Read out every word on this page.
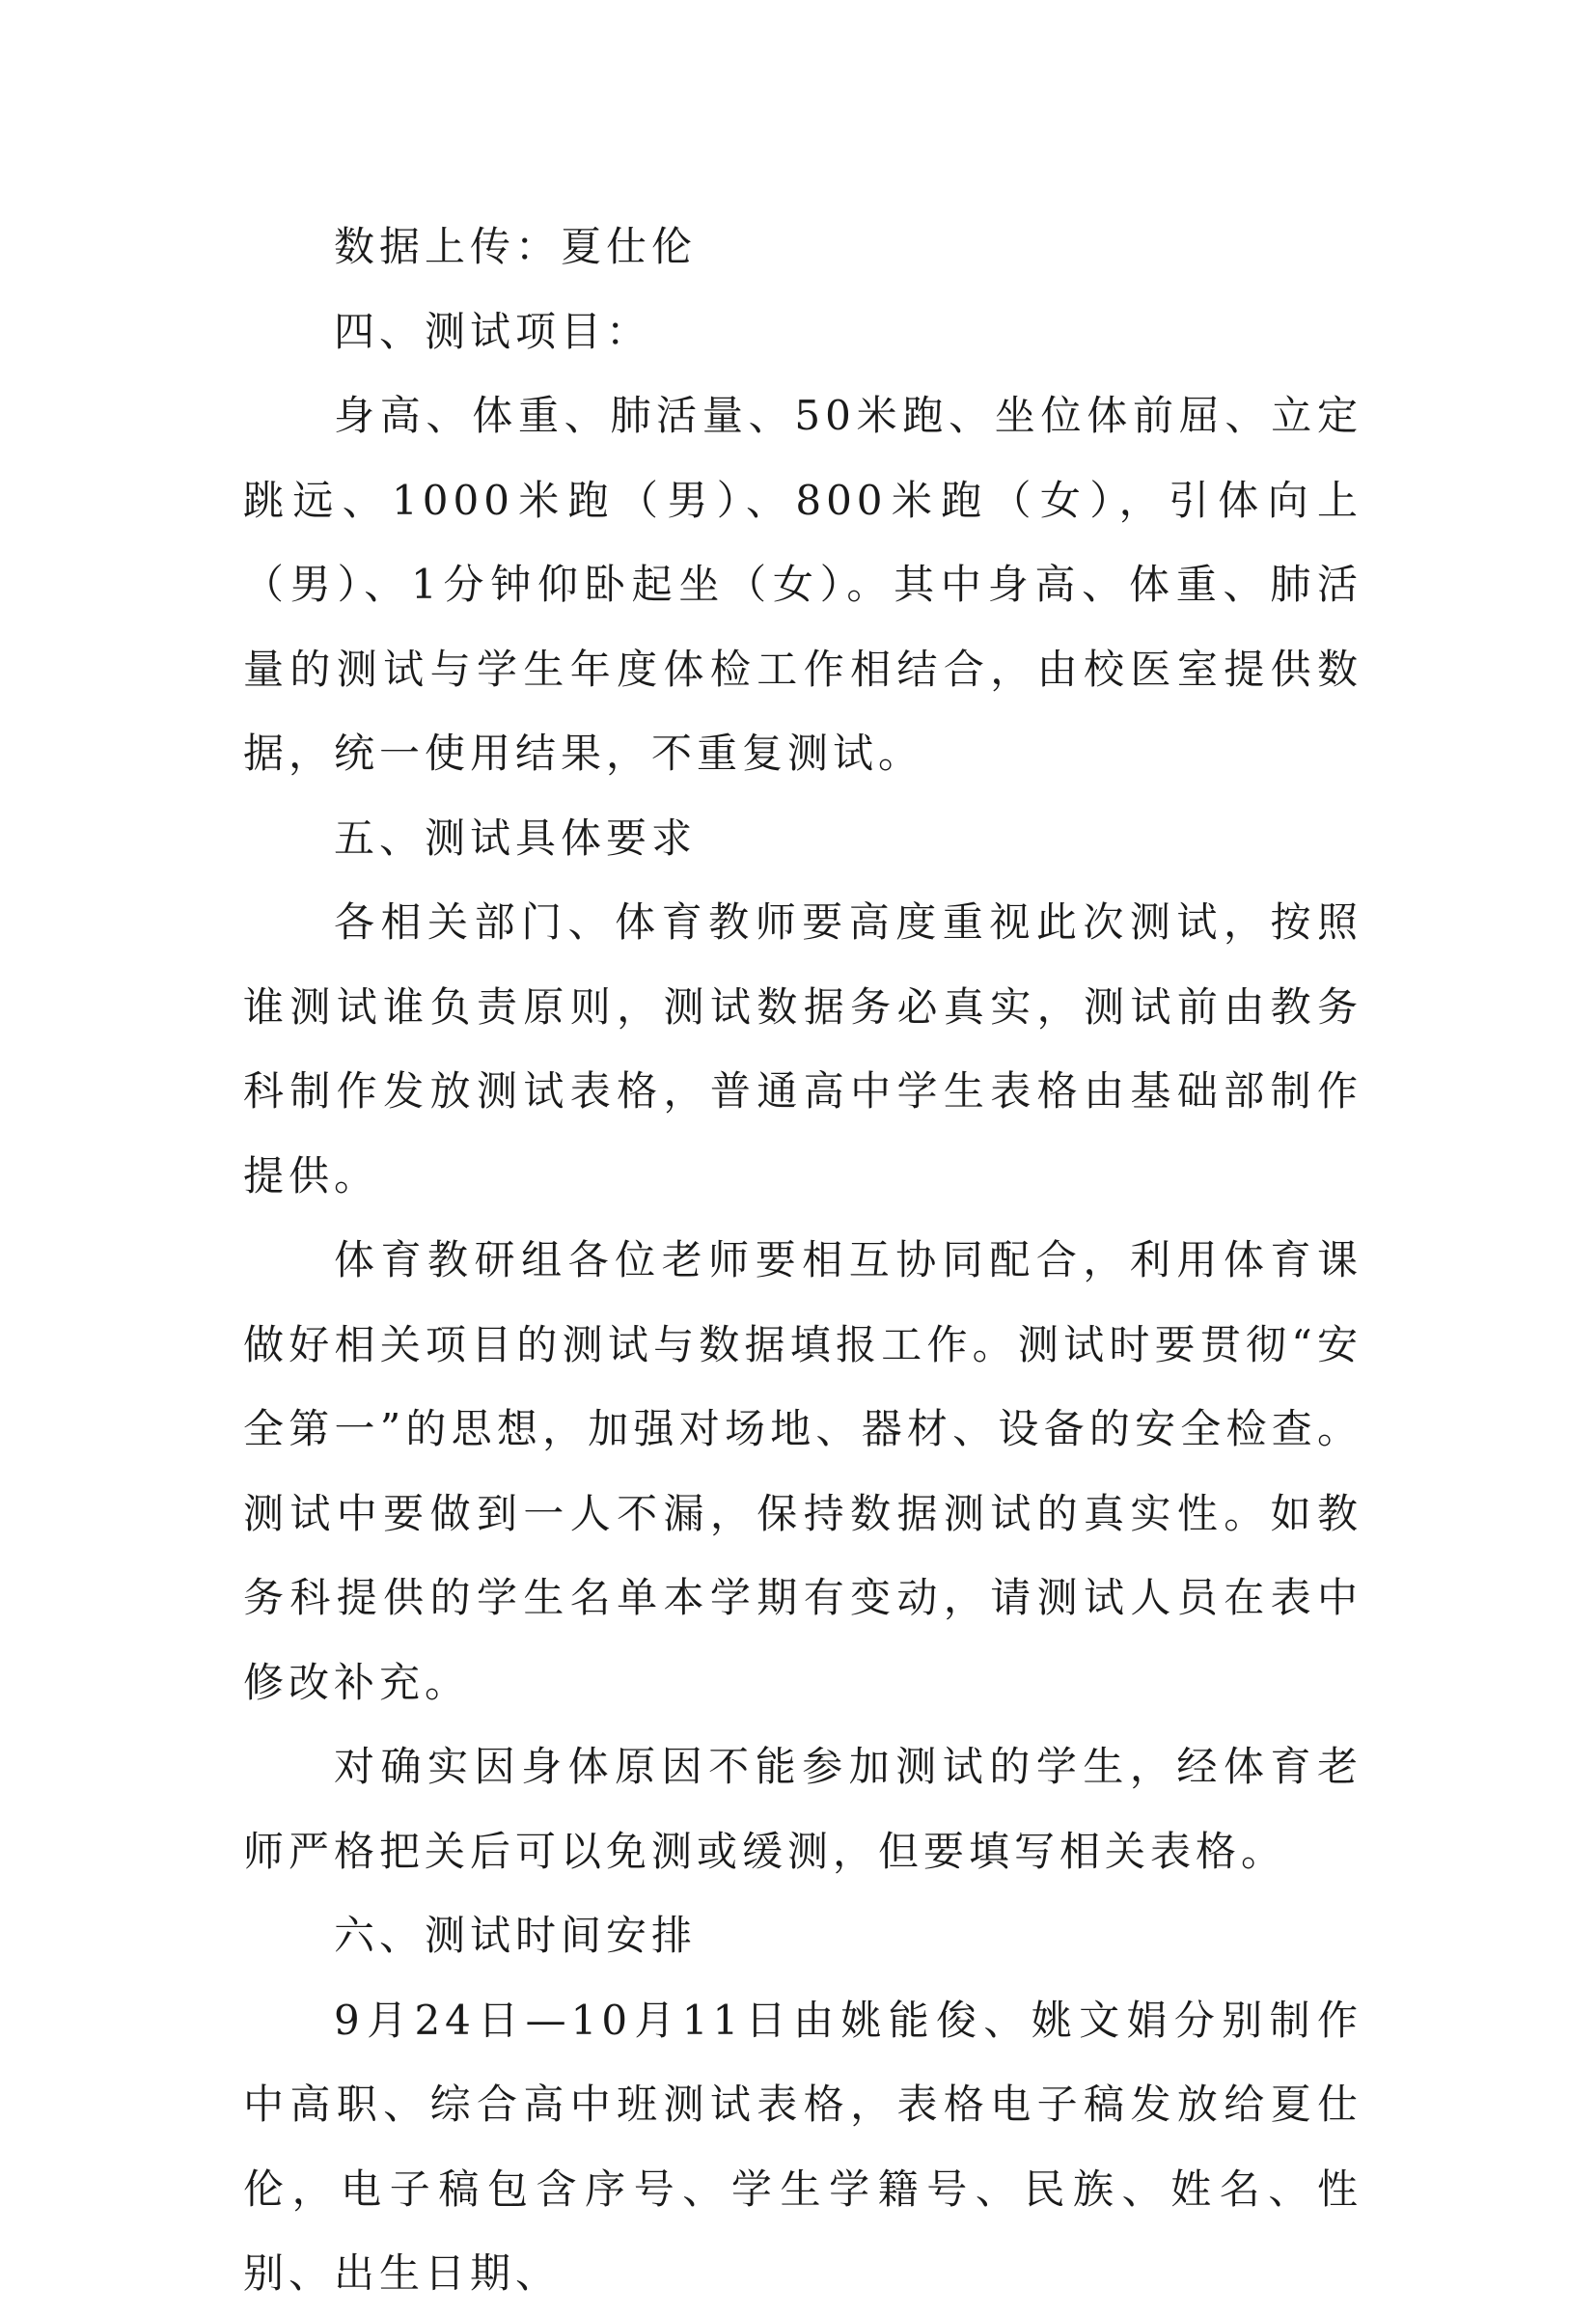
数据上传：夏仕伦

四、测试项目：

身高、体重、肺活量、50米跑、坐位体前屈、立定跳远、1000米跑（男）、800米跑（女），引体向上（男）、1分钟仰卧起坐（女）。其中身高、体重、肺活量的测试与学生年度体检工作相结合，由校医室提供数据，统一使用结果，不重复测试。

五、测试具体要求

各相关部门、体育教师要高度重视此次测试，按照谁测试谁负责原则，测试数据务必真实，测试前由教务科制作发放测试表格，普通高中学生表格由基础部制作提供。

体育教研组各位老师要相互协同配合，利用体育课做好相关项目的测试与数据填报工作。测试时要贯彻“安全第一”的思想，加强对场地、器材、设备的安全检查。测试中要做到一人不漏，保持数据测试的真实性。如教务科提供的学生名单本学期有变动，请测试人员在表中修改补充。

对确实因身体原因不能参加测试的学生，经体育老师严格把关后可以免测或缓测，但要填写相关表格。

六、测试时间安排

9月24日—10月11日由姚能俊、姚文娟分别制作中高职、综合高中班测试表格，表格电子稿发放给夏仕伦，电子稿包含序号、学生学籍号、民族、姓名、性别、出生日期、
